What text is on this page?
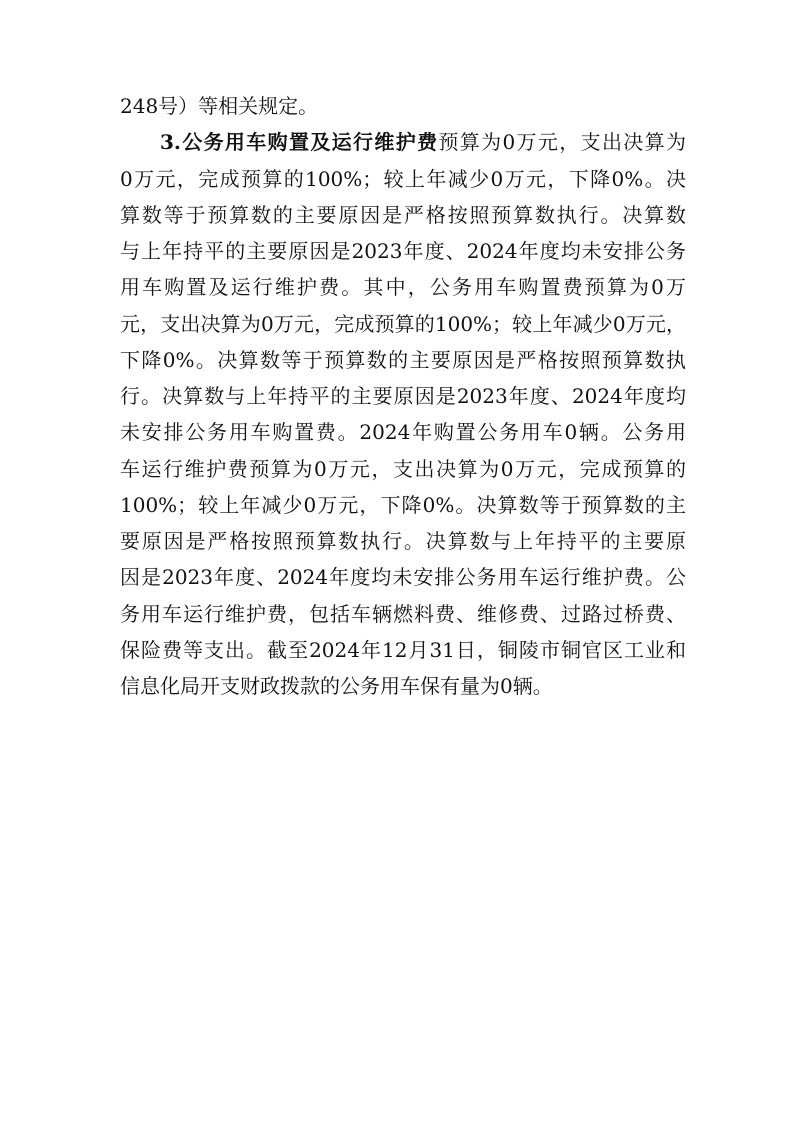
248号）等相关规定。
3.公务用车购置及运行维护费预算为0万元，支出决算为
0万元，完成预算的100%；较上年减少0万元，下降0%。决
算数等于预算数的主要原因是严格按照预算数执行。决算数
与上年持平的主要原因是2023年度、2024年度均未安排公务
用车购置及运行维护费。其中，公务用车购置费预算为0万
元，支出决算为0万元，完成预算的100%；较上年减少0万元，
下降0%。决算数等于预算数的主要原因是严格按照预算数执
行。决算数与上年持平的主要原因是2023年度、2024年度均
未安排公务用车购置费。2024年购置公务用车0辆。公务用
车运行维护费预算为0万元，支出决算为0万元，完成预算的
100%；较上年减少0万元，下降0%。决算数等于预算数的主
要原因是严格按照预算数执行。决算数与上年持平的主要原
因是2023年度、2024年度均未安排公务用车运行维护费。公
务用车运行维护费，包括车辆燃料费、维修费、过路过桥费、
保险费等支出。截至2024年12月31日，铜陵市铜官区工业和
信息化局开支财政拨款的公务用车保有量为0辆。
